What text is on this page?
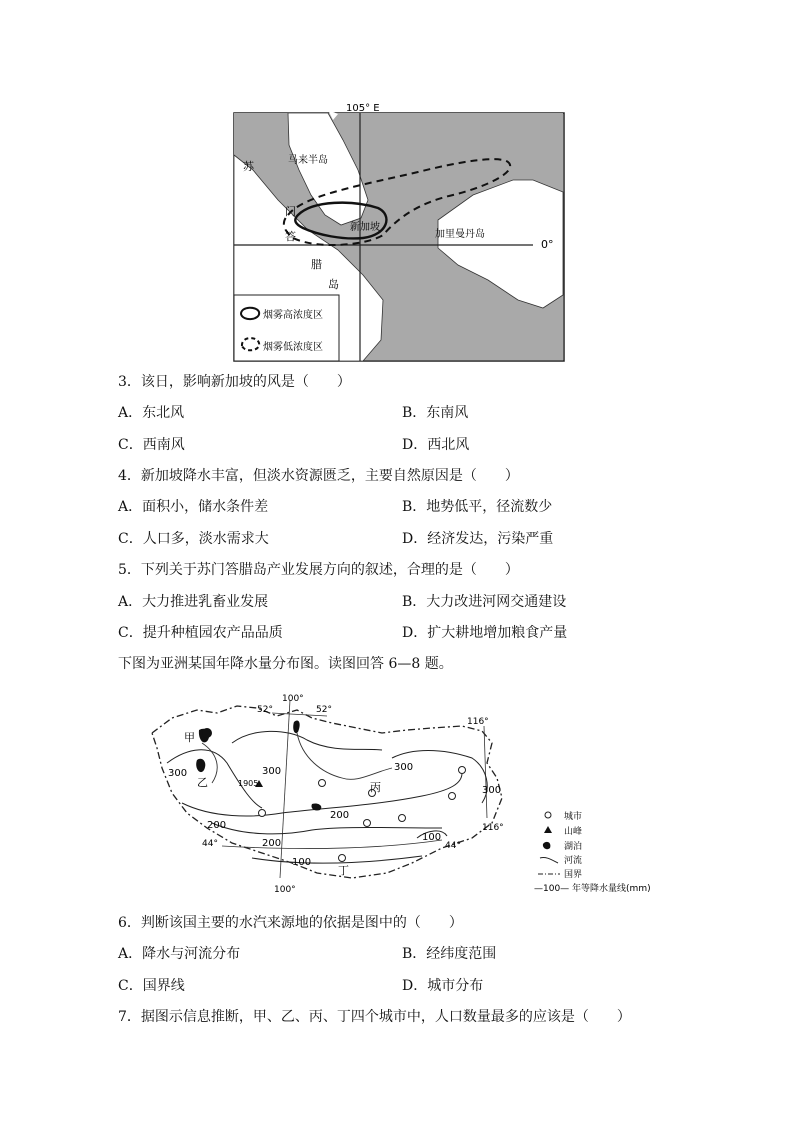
105° E
0°
马来半岛
苏
门
答
腊
岛
新加坡
加里曼丹岛
烟雾高浓度区
烟雾低浓度区
3．该日，影响新加坡的风是（　　）
A．东北风	B．东南风
C．西南风	D．西北风
4．新加坡降水丰富，但淡水资源匮乏，主要自然原因是（　　）
A．面积小，储水条件差	B．地势低平，径流数少
C．人口多，淡水需求大	D．经济发达，污染严重
5．下列关于苏门答腊岛产业发展方向的叙述，合理的是（　　）
A．大力推进乳畜业发展	B．大力改进河网交通建设
C．提升种植园农产品品质	D．扩大耕地增加粮食产量
下图为亚洲某国年降水量分布图。读图回答 6—8 题。
100°
52°	52°
116°
116°
44°	44°
100°
300	300	300
300
200
200
200
100
100
1905
甲
乙	丙
丁
城市
山峰
湖泊
河流
国界
—100— 年等降水量线(mm)
6．判断该国主要的水汽来源地的依据是图中的（　　）
A．降水与河流分布	B．经纬度范围
C．国界线	D．城市分布
7．据图示信息推断，甲、乙、丙、丁四个城市中，人口数量最多的应该是（　　）
